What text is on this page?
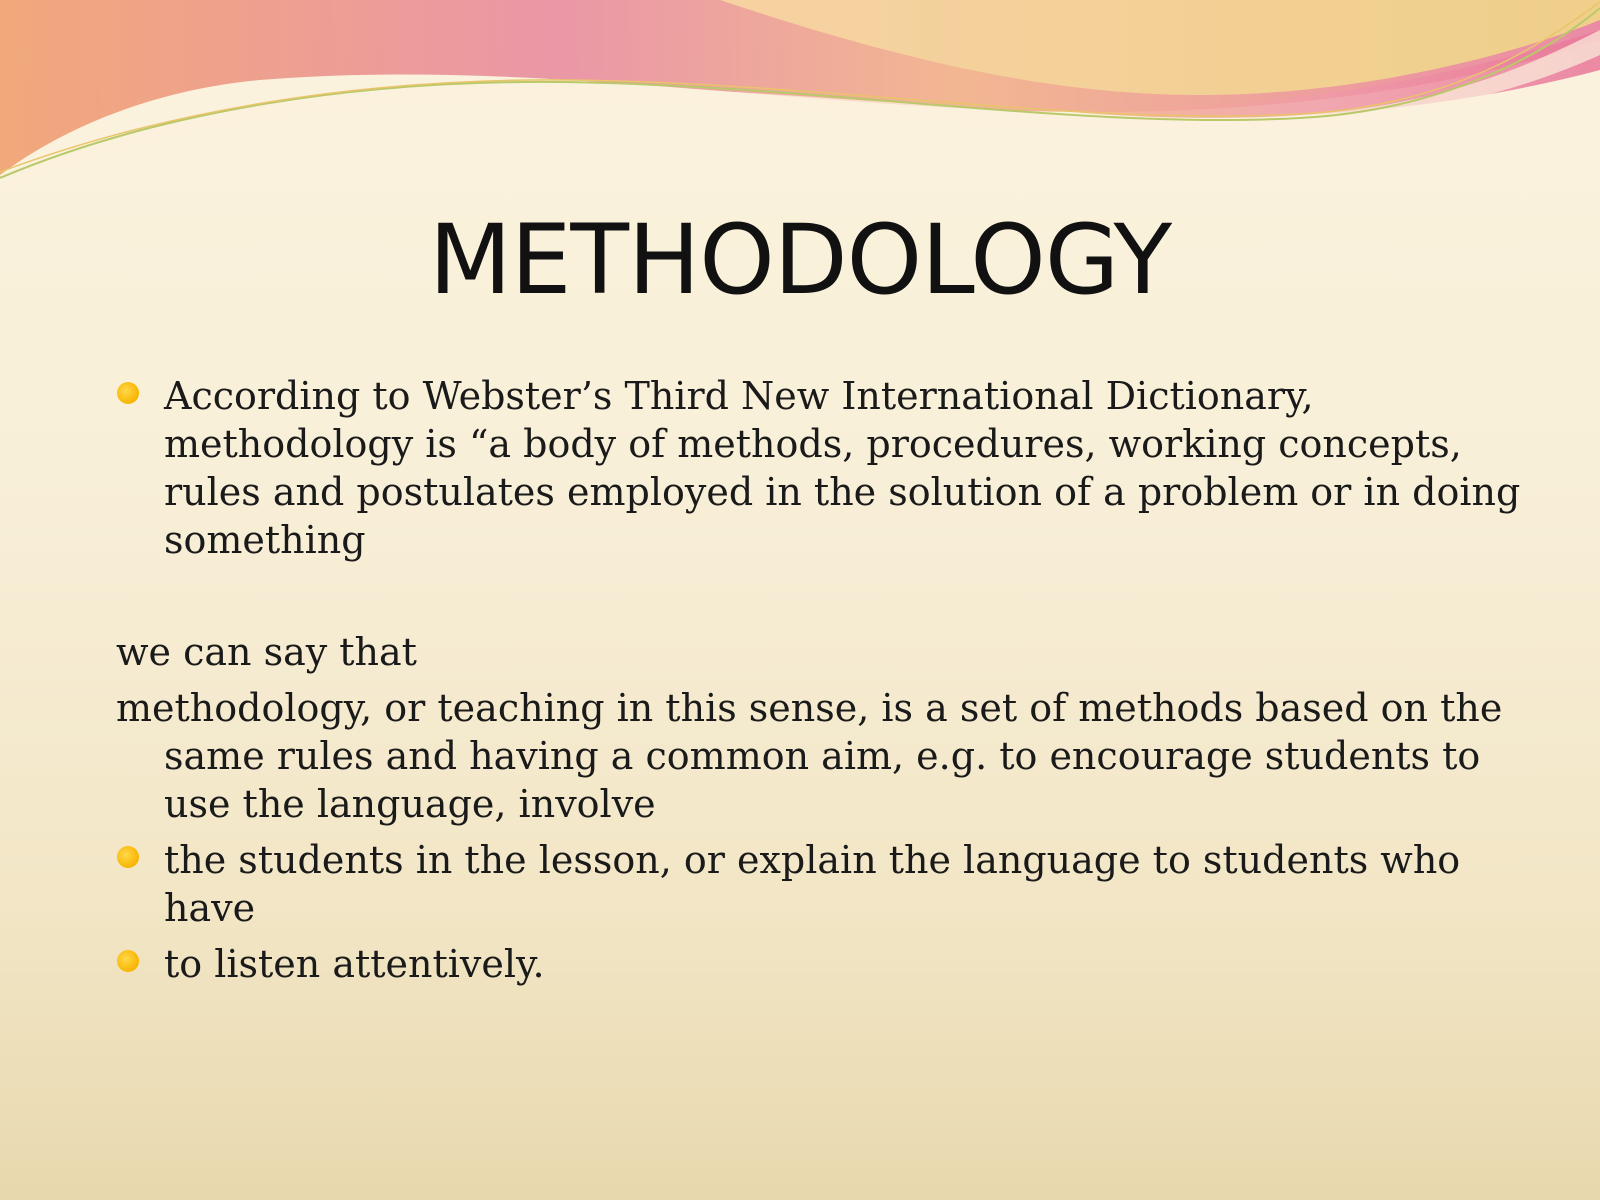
METHODOLOGY

According to Webster’s Third New International Dictionary, methodology is “a body of methods, procedures, working concepts, rules and postulates employed in the solution of a problem or in doing something

we can say that

methodology, or teaching in this sense, is a set of methods based on the same rules and having a common aim, e.g. to encourage students to use the language, involve

the students in the lesson, or explain the language to students who have

to listen attentively.
